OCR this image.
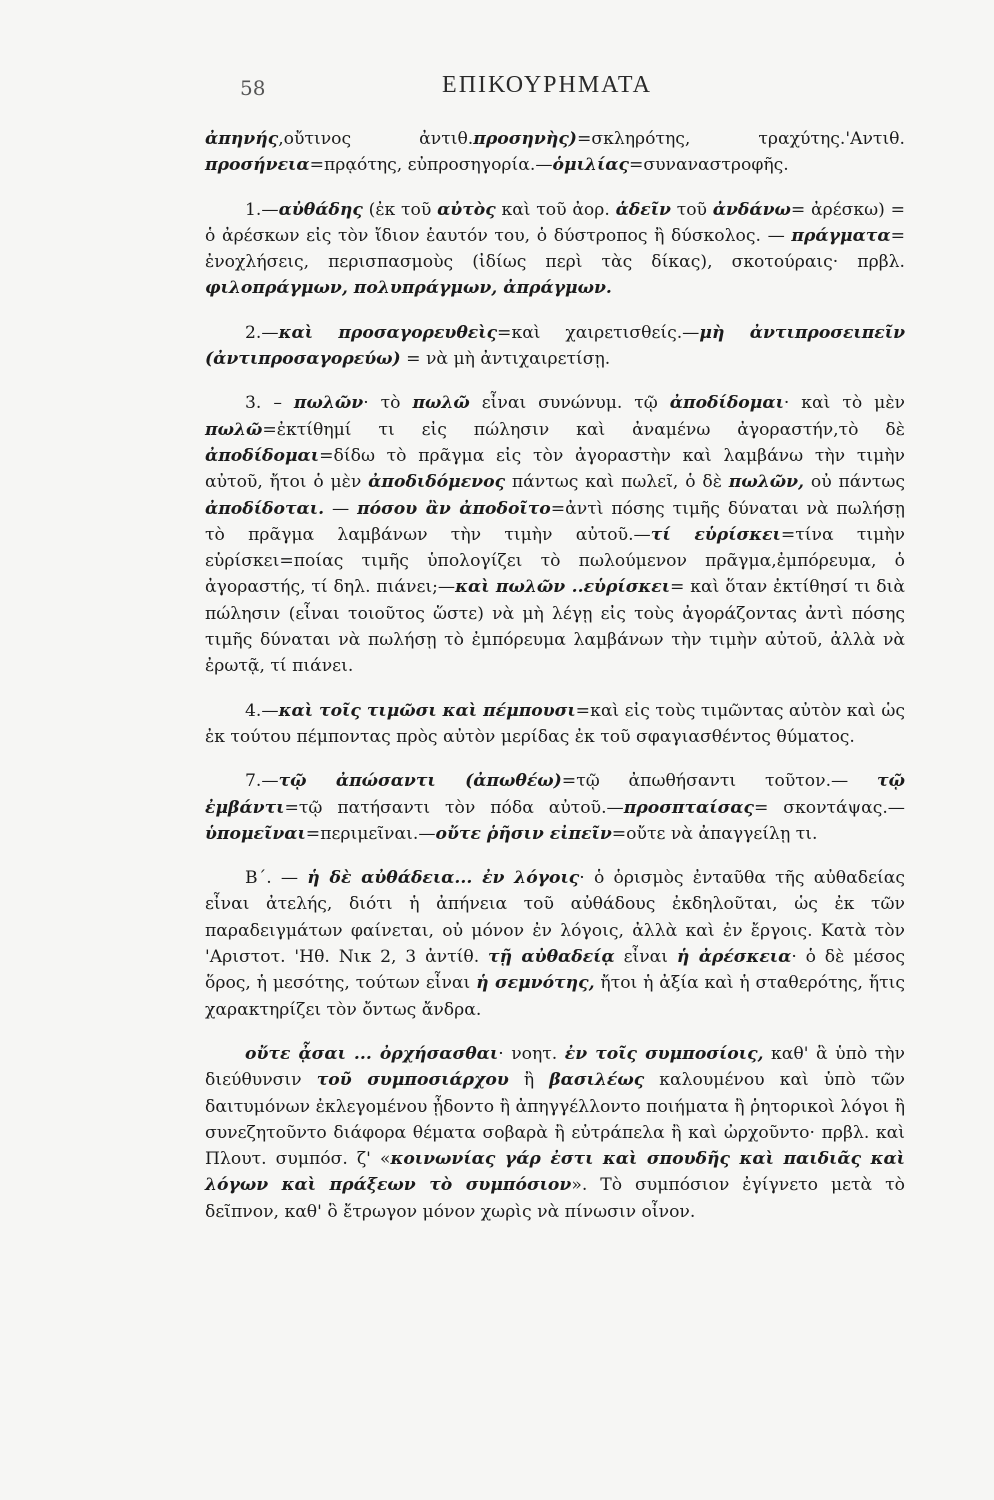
58	ΕΠΙΚΟΥΡΗΜΑΤΑ

ἀπηνής,οὔτινος ἀντιθ.προσηνὴς)=σκληρότης, τραχύτης.'Αντιθ. προσήνεια=πρᾳότης, εὐπροσηγορία.—ὁμιλίας=συναναστροφῆς.

1.—αὐθάδης (ἐκ τοῦ αὐτὸς καὶ τοῦ ἀορ. ἁδεῖν τοῦ ἀνδάνω= ἀρέσκω) = ὁ ἀρέσκων εἰς τὸν ἴδιον ἑαυτόν του, ὁ δύστροπος ἢ δύσκολος. — πράγματα= ἐνοχλήσεις, περισπασμοὺς (ἰδίως περὶ τὰς δίκας), σκοτούραις· πρβλ. φιλοπράγμων, πολυπράγμων, ἀπράγμων.

2.—καὶ προσαγορευθεὶς=καὶ χαιρετισθείς.—μὴ ἀντιπροσειπεῖν (ἀντιπροσαγορεύω) = νὰ μὴ ἀντιχαιρετίσῃ.

3. – πωλῶν· τὸ πωλῶ εἶναι συνώνυμ. τῷ ἀποδίδομαι· καὶ τὸ μὲν πωλῶ=ἐκτίθημί τι εἰς πώλησιν καὶ ἀναμένω ἀγοραστήν,τὸ δὲ ἀποδίδομαι=δίδω τὸ πρᾶγμα εἰς τὸν ἀγοραστὴν καὶ λαμβάνω τὴν τιμὴν αὐτοῦ, ἤτοι ὁ μὲν ἀποδιδόμενος πάντως καὶ πωλεῖ, ὁ δὲ πωλῶν, οὐ πάντως ἀποδίδοται. — πόσου ἂν ἀποδοῖτο=ἀντὶ πόσης τιμῆς δύναται νὰ πωλήσῃ τὸ πρᾶγμα λαμβάνων τὴν τιμὴν αὐτοῦ.—τί εὑρίσκει=τίνα τιμὴν εὑρίσκει=ποίας τιμῆς ὑπολογίζει τὸ πωλούμενον πρᾶγμα,ἐμπόρευμα, ὁ ἀγοραστής, τί δηλ. πιάνει;—καὶ πωλῶν ..εὑρίσκει= καὶ ὅταν ἐκτίθησί τι διὰ πώλησιν (εἶναι τοιοῦτος ὥστε) νὰ μὴ λέγῃ εἰς τοὺς ἀγοράζοντας ἀντὶ πόσης τιμῆς δύναται νὰ πωλήσῃ τὸ ἐμπόρευμα λαμβάνων τὴν τιμὴν αὐτοῦ, ἀλλὰ νὰ ἐρωτᾷ, τί πιάνει.

4.—καὶ τοῖς τιμῶσι καὶ πέμπουσι=καὶ εἰς τοὺς τιμῶντας αὐτὸν καὶ ὡς ἐκ τούτου πέμποντας πρὸς αὐτὸν μερίδας ἐκ τοῦ σφαγιασθέντος θύματος.

7.—τῷ ἀπώσαντι (ἀπωθέω)=τῷ ἀπωθήσαντι τοῦτον.— τῷ ἐμβάντι=τῷ πατήσαντι τὸν πόδα αὐτοῦ.—προσπταίσας= σκοντάψας.—ὑπομεῖναι=περιμεῖναι.—οὔτε ῥῆσιν εἰπεῖν=οὔτε νὰ ἀπαγγείλῃ τι.

Β΄. — ἡ δὲ αὐθάδεια... ἐν λόγοις· ὁ ὁρισμὸς ἐνταῦθα τῆς αὐθαδείας εἶναι ἀτελής, διότι ἡ ἀπήνεια τοῦ αὐθάδους ἐκδηλοῦται, ὡς ἐκ τῶν παραδειγμάτων φαίνεται, οὐ μόνον ἐν λόγοις, ἀλλὰ καὶ ἐν ἔργοις. Κατὰ τὸν 'Αριστοτ. 'Ηθ. Νικ 2, 3 ἀντίθ. τῇ αὐθαδείᾳ εἶναι ἡ ἀρέσκεια· ὁ δὲ μέσος ὅρος, ἡ μεσότης, τούτων εἶναι ἡ σεμνότης, ἤτοι ἡ ἀξία καὶ ἡ σταθερότης, ἥτις χαρακτηρίζει τὸν ὄντως ἄνδρα.

οὔτε ᾆσαι ... ὀρχήσασθαι· νοητ. ἐν τοῖς συμποσίοις, καθ' ἃ ὑπὸ τὴν διεύθυνσιν τοῦ συμποσιάρχου ἢ βασιλέως καλουμένου καὶ ὑπὸ τῶν δαιτυμόνων ἐκλεγομένου ᾖδοντο ἢ ἀπηγγέλλοντο ποιήματα ἢ ῥητορικοὶ λόγοι ἢ συνεζητοῦντο διάφορα θέματα σοβαρὰ ἢ εὐτράπελα ἢ καὶ ὠρχοῦντο· πρβλ. καὶ Πλουτ. συμπόσ. ζ' «κοινωνίας γάρ ἐστι καὶ σπουδῆς καὶ παιδιᾶς καὶ λόγων καὶ πράξεων τὸ συμπόσιον». Τὸ συμπόσιον ἐγίγνετο μετὰ τὸ δεῖπνον, καθ' ὃ ἔτρωγον μόνον χωρὶς νὰ πίνωσιν οἶνον.
